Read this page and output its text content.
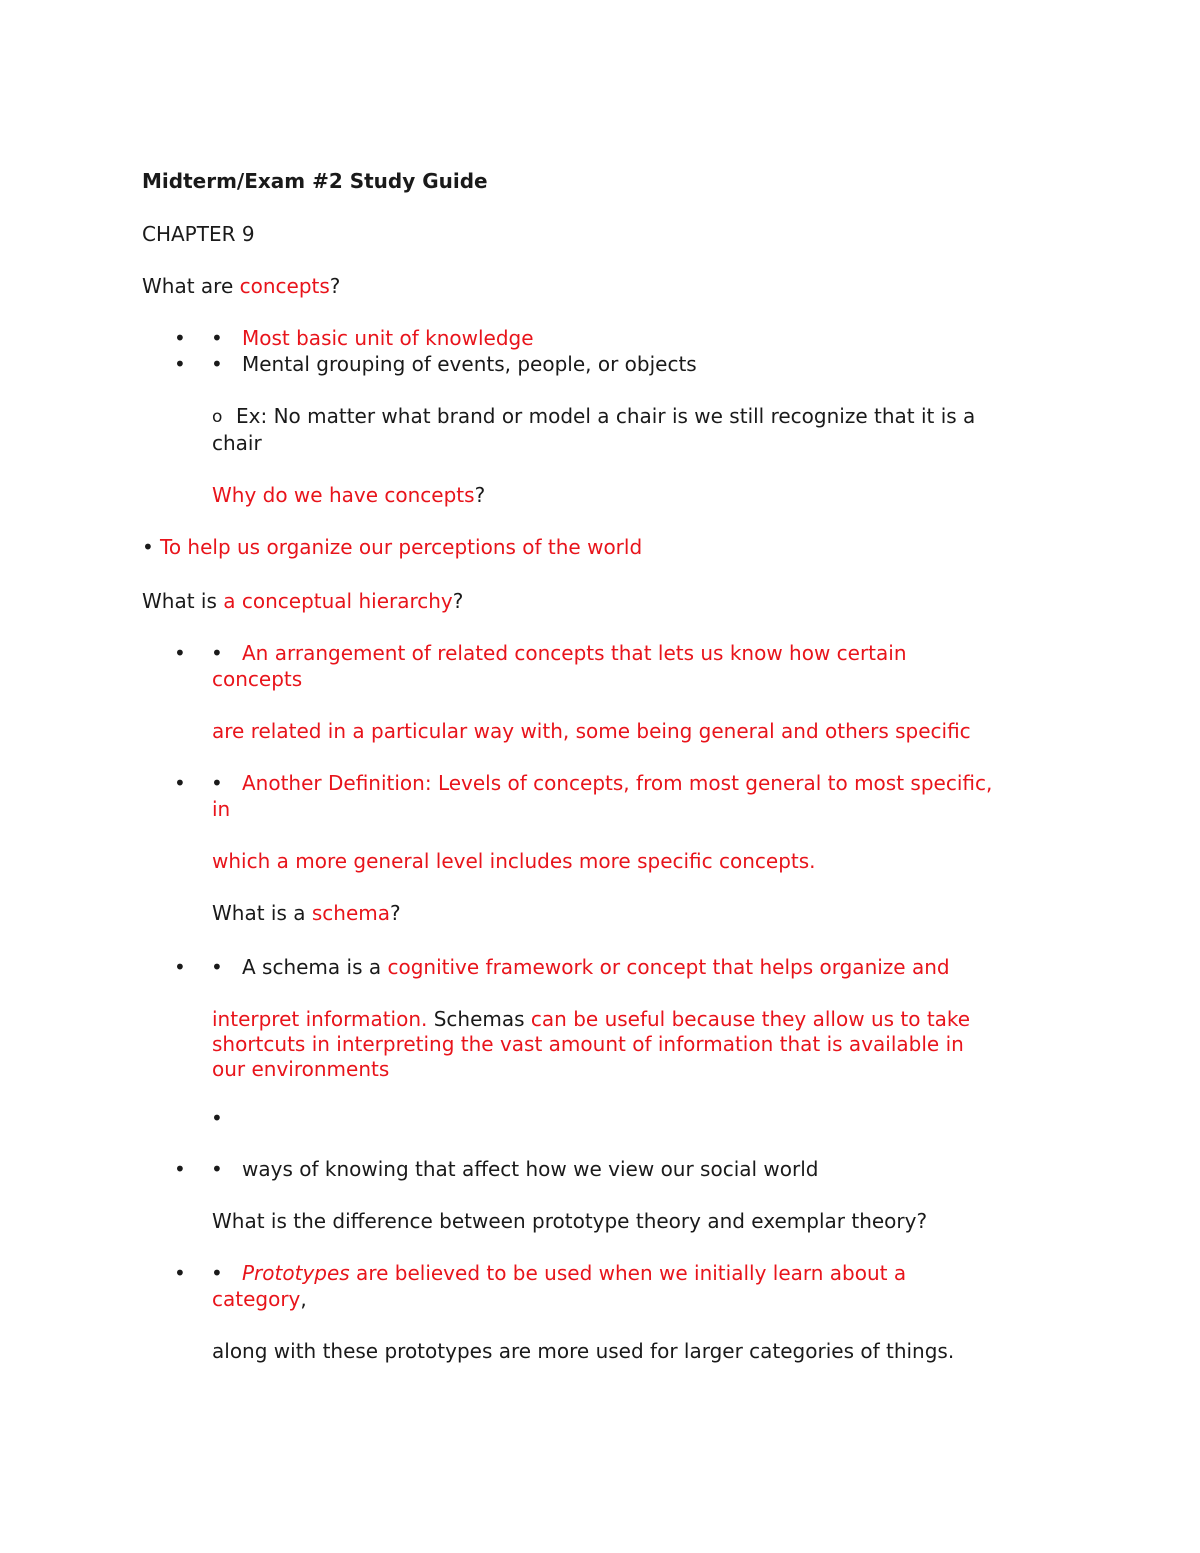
Midterm/Exam #2 Study Guide
CHAPTER 9
What are concepts?
• • Most basic unit of knowledge
• • Mental grouping of events, people, or objects
o Ex: No matter what brand or model a chair is we still recognize that it is a
chair
Why do we have concepts?
• To help us organize our perceptions of the world
What is a conceptual hierarchy?
• • An arrangement of related concepts that lets us know how certain
concepts
are related in a particular way with, some being general and others specific
• • Another Definition: Levels of concepts, from most general to most specific,
in
which a more general level includes more specific concepts.
What is a schema?
• • A schema is a cognitive framework or concept that helps organize and
interpret information. Schemas can be useful because they allow us to take
shortcuts in interpreting the vast amount of information that is available in
our environments
•
• • ways of knowing that affect how we view our social world
What is the difference between prototype theory and exemplar theory?
• • Prototypes are believed to be used when we initially learn about a
category,
along with these prototypes are more used for larger categories of things.
